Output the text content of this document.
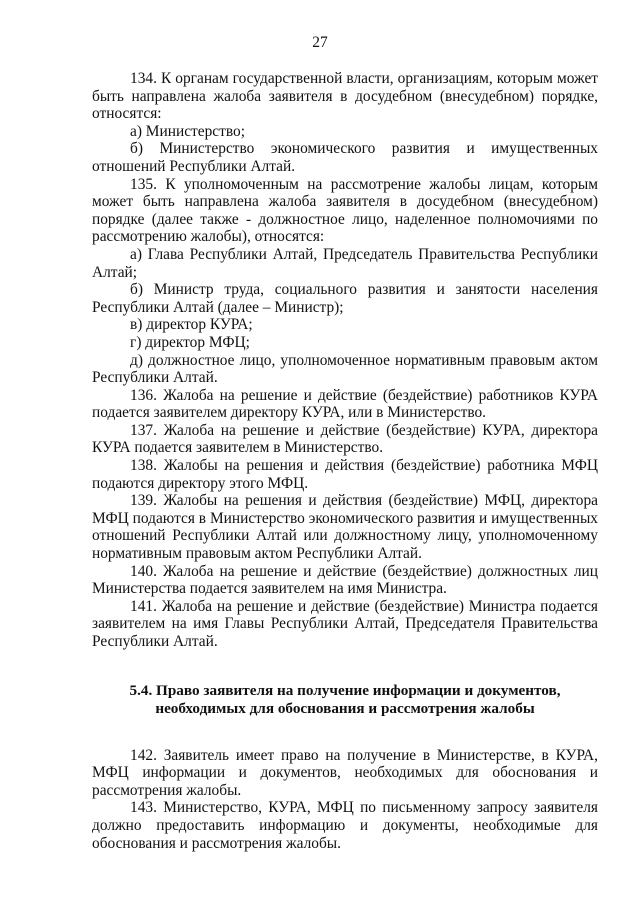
27

134. К органам государственной власти, организациям, которым может быть направлена жалоба заявителя в досудебном (внесудебном) порядке, относятся:

а) Министерство;

б) Министерство экономического развития и имущественных отношений Республики Алтай.

135. К уполномоченным на рассмотрение жалобы лицам, которым может быть направлена жалоба заявителя в досудебном (внесудебном) порядке (далее также - должностное лицо, наделенное полномочиями по рассмотрению жалобы), относятся:

а) Глава Республики Алтай, Председатель Правительства Республики Алтай;

б) Министр труда, социального развития и занятости населения Республики Алтай (далее – Министр);

в) директор КУРА;

г) директор МФЦ;

д) должностное лицо, уполномоченное нормативным правовым актом Республики Алтай.

136. Жалоба на решение и действие (бездействие) работников КУРА подается заявителем директору КУРА, или в Министерство.

137. Жалоба на решение и действие (бездействие) КУРА, директора КУРА подается заявителем в Министерство.

138. Жалобы на решения и действия (бездействие) работника МФЦ подаются директору этого МФЦ.

139. Жалобы на решения и действия (бездействие) МФЦ, директора МФЦ подаются в Министерство экономического развития и имущественных отношений Республики Алтай или должностному лицу, уполномоченному нормативным правовым актом Республики Алтай.

140. Жалоба на решение и действие (бездействие) должностных лиц Министерства подается заявителем на имя Министра.

141. Жалоба на решение и действие (бездействие) Министра подается заявителем на имя Главы Республики Алтай, Председателя Правительства Республики Алтай.

5.4. Право заявителя на получение информации и документов,
необходимых для обоснования и рассмотрения жалобы

142. Заявитель имеет право на получение в Министерстве, в КУРА, МФЦ информации и документов, необходимых для обоснования и рассмотрения жалобы.

143. Министерство, КУРА, МФЦ по письменному запросу заявителя должно предоставить информацию и документы, необходимые для обоснования и рассмотрения жалобы.
